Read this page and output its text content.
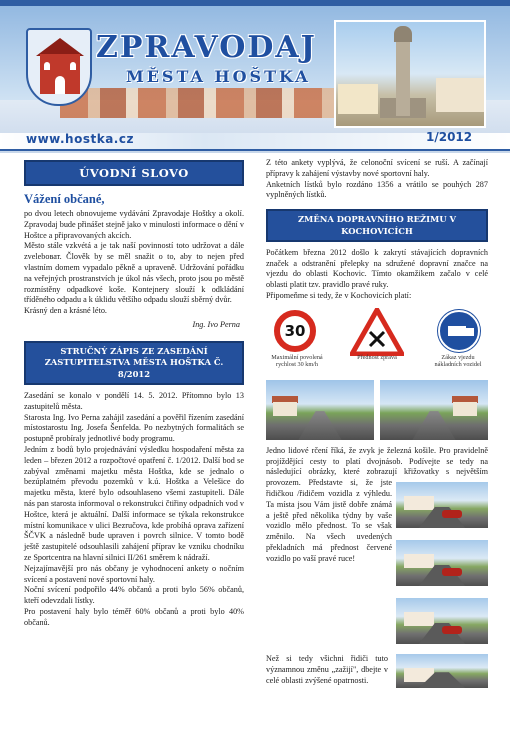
ZPRAVODAJ
MĚSTA HOŠTKA
www.hostka.cz	1/2012
ÚVODNÍ SLOVO
Vážení občané,

po dvou letech obnovujeme vydávání Zpravodaje Hoštky a okolí. Zpravodaj bude přinášet stejně jako v minulosti informace o dění v Hoštce a připravovaných akcích.

Město stále vzkvétá a je tak naší povinností toto udržovat a dále zveleboват. Člověk by se měl snažit o to, aby to nejen před vlastním domem vypadalo pěkně a upraveně. Udržování pořádku na veřejných prostranstvích je úkol nás všech, proto jsou po městě rozmístěny odpadkové koše. Kontejnery slouží k odkládání tříděného odpadu a k úklidu většího odpadu slouží sběrný dvůr.

Krásný den a krásné léto.

Ing. Ivo Perna
STRUČNÝ ZÁPIS ZE ZASEDÁNÍ ZASTUPITELSTVA MĚSTA HOŠTKA Č. 8/2012

Zasedání se konalo v pondělí 14. 5. 2012. Přítomno bylo 13 zastupitelů města.

Starosta Ing. Ivo Perna zahájil zasedání a pověřil řízením zasedání místostarostu Ing. Josefa Šenfelda. Po nezbytných formalitách se postupně probíraly jednotlivé body programu.

Jedním z bodů bylo projednávání výsledku hospodaření města za leden – březen 2012 a rozpočtové opatření č. 1/2012. Další bod se zabýval změnami majetku města Hoštka, kde se jednalo o bezúplatném převodu pozemků v k.ú. Hoštka a Velešice do majetku města, které bylo odsouhlaseno všemi zastupiteli. Dále nás pan starosta informoval o rekonstrukci čtiřiny odpadních vod v Hoštce, která je aktuální. Další informace se týkala rekonstrukce místní komunikace v ulici Bezručova, kde probíhá oprava zařízení ŠČVK a následně bude upraven i povrch silnice. V tomto bodě ještě zastupitelé odsouhlasili zahájení příprav ke vzniku chodníku ze Sportcentra na hlavní silnici II/261 směrem k nádraží.

Nejzajímavější pro nás občany je vyhodnocení ankety o nočním svícení a postavení nové sportovní haly.

Noční svícení podpořilo 44% občanů a proti bylo 56% občanů, kteří odevzdali lístky.

Pro postavení haly bylo téměř 60% občanů a proti bylo 40% občanů.

Z této ankety vyplývá, že celonoční svícení se ruší. A začínají přípravy k zahájení výstavby nové sportovní haly.

Anketních lístků bylo rozdáno 1356 a vrátilo se pouhých 287 vyplněných lístků.

ZMĚNA DOPRAVNÍHO REŽIMU V KOCHOVICÍCH

Počátkem března 2012 došlo k zakrytí stávajících dopravních značek a odstranění přelepky na sdružené dopravní značce na vjezdu do oblasti Kochovic. Tímto okamžikem začalo v celé oblasti platit tzv. pravidlo pravé ruky.

Připomeňme si tedy, že v Kochovicích platí:

30
Maximální povolená rychlost 30 km/h
Přednost zprava	Zákaz vjezdu nákladních vozidel

Jedno lidové rčení říká, že zvyk je železná košile. Pro pravidelně projíždějící cesty to platí dvojnásob. Podívejte se tedy na následující obrázky, které zobrazují křižovatky s největším provozem. Představte si, že jste řidičkou /řidičem vozidla z výhledu. Ta místa jsou Vám jistě dobře známá a ještě před několika týdny by vaše vozidlo mělo přednost. To se však změnilo. Na všech uvedených překladních má přednost červené vozidlo po vaší pravé ruce!

Než si tedy všichni řidiči tuto významnou změnu „zažijí", dbejte v celé oblasti zvýšené opatrnosti.
